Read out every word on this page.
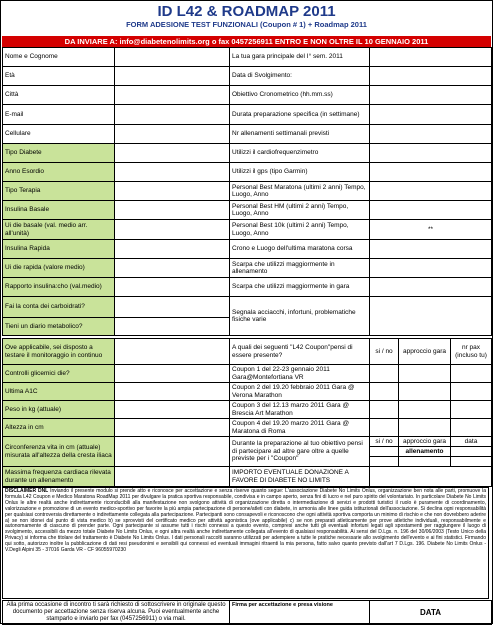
ID L42 & ROADMAP 2011
FORM ADESIONE TEST FUNZIONALI (Coupon # 1) + Roadmap 2011
DA INVIARE A: info@diabetenolimits.org o fax 0457256911 ENTRO E NON OLTRE IL 10 GENNAIO 2011
Nome e Cognome		La tua gara principale del I° sem. 2011	
Età		Data di Svolgimento:	
Città		Obiettivo Cronometrico (hh.mm.ss)	
E-mail		Durata preparazione specifica (in settimane)	
Cellulare		Nr allenamenti settimanali previsti	
Tipo Diabete		Utilizzi il cardiofrequenzimetro	
Anno Esordio		Utilizzi il gps (tipo Garmin)	
Tipo Terapia		Personal Best Maratona (ultimi 2 anni) Tempo, Luogo, Anno	
Insulina Basale		Personal Best HM (ultimi 2 anni) Tempo, Luogo, Anno	
Ui die basale (val. medio arr. all'unità)		Personal Best 10k (ultimi 2 anni) Tempo, Luogo, Anno	**
Insulina Rapida		Crono e Luogo dell'ultima maratona corsa	
Ui die rapida (valore medio)		Scarpa che utilizzi maggiormente in allenamento	
Rapporto insulina:cho (val.medio)		Scarpa che utilizzi maggiormente in gara	
Fai la conta dei carboidrati?		Segnala acciacchi, infortuni, problematiche fisiche varie	
Tieni un diario metabolico?			
Ove applicabile, sei disposto a testare il monitoraggio in continuo		A quali dei seguenti "L42 Coupon"pensi di essere presente?	si / no	approccio gara	nr pax (incluso tu)
Controlli glicemici die?		Coupon 1 del 22-23 gennaio 2011 Gara@Montefortiana VR			
Ultima A1C		Coupon 2 del 19.20 febbraio 2011 Gara @ Verona Marathon			
Peso in kg (attuale)		Coupon 3 del 12.13 marzo 2011 Gara @ Brescia Art Marathon			
Altezza in cm		Coupon 4 del 19.20 marzo 2011 Gara @ Maratona di Roma			
Circonferenza vita in cm (attuale) misurata all'altezza della cresta iliaca		Durante la preparazione al tuo obiettivo pensi di partecipare ad altre gare oltre a quelle previste per i "Coupon"	si / no	approccio gara	data
				allenamento	

Massima frequenza cardiaca rilevata durante un allenamento		IMPORTO EVENTUALE DONAZIONE A FAVORE DI DIABETE NO LIMITS			
DISCLAIMER DNL Inviando il presente modulo si prende atto e riconosce per accettazione e senza riserve quanto segue: L'associazione Diabete No Limits Onlus, organizzazione ben nota alle parti, promuove la formula L42 Coupon e Medico Maratona RoadMap 2011 per divulgare la pratica sportiva responsabile, condivisa e in campo aperto, senza fini di lucro e nel puro spirito del volontariato. In particolare Diabete No Limits Onlus le altre realtà anche indirettamente riconducibili alla manifestazione non svolgono attività di organizzazione diretta o intermediazione di servizi e prodotti turistici il ruolo è puramente di coordinamento, valorizzazione e promozione di un evento medico-sportivo per favorire la più ampia partecipazione di persone/atleti con diabete, in armonia alle linee guida istituzionali dell'associazione. Si declina ogni responsabilità per qualsiasi controversia direttamente o indirettamente collegata alla partecipazione. Partecipanti sono consapevoli e riconoscono che ogni attività sportiva comporta un minimo di rischio e che non dovrebbero aderire a) se non idonei dal punto di vista medico b) se sprovvisti del certificato medico per attività agonistica (ove applicabile) c) se non preparati atleticamente per prove atletiche individuali, responsabilmente e autonomamente di ciascuno di prender parte. Ogni partecipante si assume tutti i rischi connessi a questo evento, compresi anche tutti gli eventuali infortuni legati agli spostamenti per raggiungere il luogo di svolgimento, accessibili da mezzo totale Diabete No Limits Onlus, e ogni altra realtà anche indirettamente collegata all'evento di qualsiasi responsabilità. Ai sensi del D.Lgs. n. 196 del 30/06/2003 (Testo Unico della Privacy) si informa che titolare del trattamento è Diabete No Limits Onlus. I dati personali raccolti saranno utilizzati per adempiere a tutte le pratiche necessarie allo svolgimento dell'evento e ai fini statistici. Firmando qui sotto, autorizzo inoltre la pubblicazione di dati resi pseudonimi e sensibili qui connessi ed eventuali immagini ritraenti la mia persona, fatto salvo quanto previsto dall'art 7 D.Lgs. 196. Diabete No Limits Onlus - V.Degli Alpini 35 - 37016 Garda VR - CF 96055970230
Alla prima occasione di incontro ti sarà richiesto di sottoscrivere in originale questo documento per accettazione senza riserva alcuna. Puoi eventualmente anche stamparlo e inviarlo per fax (0457256911) o via mail.	Firma per accettazione e presa visione	DATA
